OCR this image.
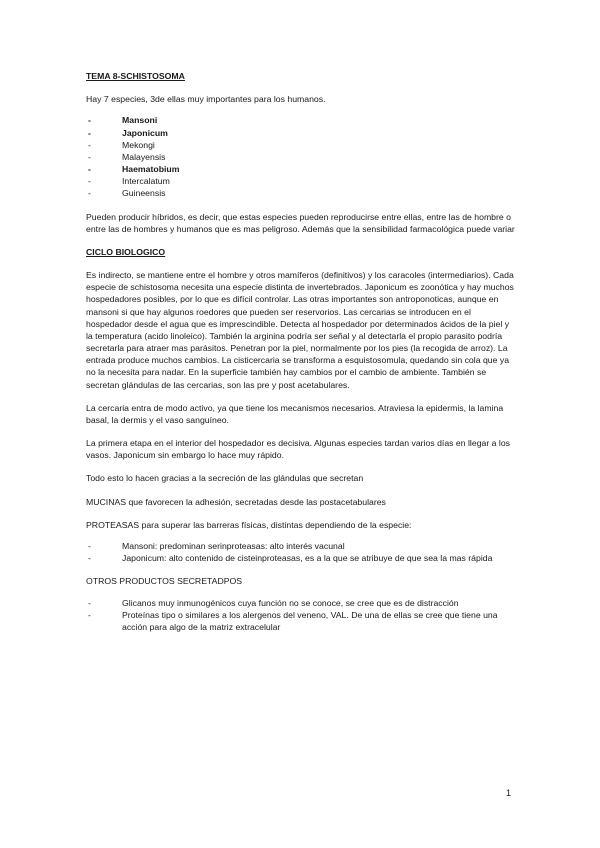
TEMA 8-SCHISTOSOMA

Hay 7 especies, 3de ellas muy importantes para los humanos.

- Mansoni
- Japonicum
- Mekongi
- Malayensis
- Haematobium
- Intercalatum
- Guineensis

Pueden producir híbridos, es decir, que estas especies pueden reproducirse entre ellas, entre las de hombre o entre las de hombres y humanos que es mas peligroso. Además que la sensibilidad farmacológica puede variar

CICLO BIOLOGICO

Es indirecto, se mantiene entre el hombre y otros mamíferos (definitivos) y los caracoles (intermediarios). Cada especie de schistosoma necesita una especie distinta de invertebrados. Japonicum es zoonótica y hay muchos hospedadores posibles, por lo que es difícil controlar. Las otras importantes son antroponoticas, aunque en mansoni si que hay algunos roedores que pueden ser reservorios. Las cercarias se introducen en el hospedador desde el agua que es imprescindible. Detecta al hospedador por determinados ácidos de la piel y la temperatura (acido linoleico). También la arginina podría ser señal y al detectarla el propio parasito podría secretarla para atraer mas parásitos. Penetran por la piel, normalmente por los pies (la recogida de arroz). La entrada produce muchos cambios. La cisticercaria se transforma a esquistosomula, quedando sin cola que ya no la necesita para nadar. En la superficie también hay cambios por el cambio de ambiente. También se secretan glándulas de las cercarias, son las pre y post acetabulares.

La cercaria entra de modo activo, ya que tiene los mecanismos necesarios. Atraviesa la epidermis, la lamina basal, la dermis y el vaso sanguíneo.

La primera etapa en el interior del hospedador es decisiva. Algunas especies tardan varios días en llegar a los vasos. Japonicum sin embargo lo hace muy rápido.

Todo esto lo hacen gracias a la secreción de las glándulas que secretan

MUCINAS que favorecen la adhesión, secretadas desde las postacetabulares

PROTEASAS para superar las barreras físicas, distintas dependiendo de la especie:

- Mansoni: predominan serinproteasas: alto interés vacunal
- Japonicum: alto contenido de cisteinproteasas, es a la que se atribuye de que sea la mas rápida

OTROS PRODUCTOS SECRETADPOS

- Glicanos muy inmunogénicos cuya función no se conoce, se cree que es de distracción
- Proteínas tipo o similares a los alergenos del veneno, VAL. De una de ellas se cree que tiene una acción para algo de la matriz extracelular
1
